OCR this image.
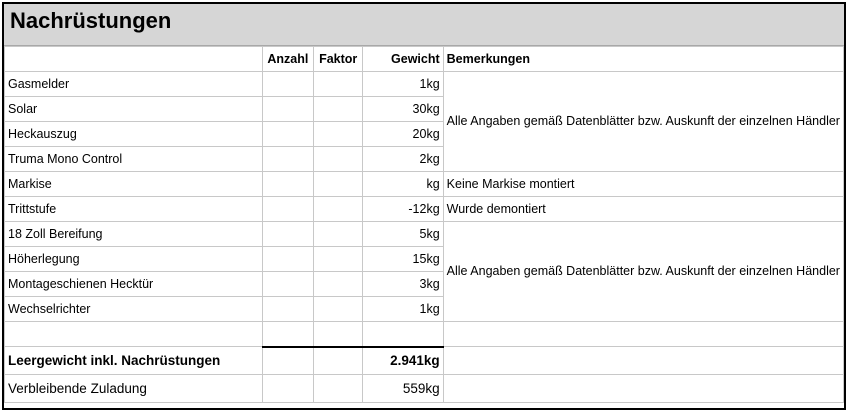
Nachrüstungen
	Anzahl	Faktor	Gewicht	Bemerkungen
Gasmelder			1kg	Alle Angaben gemäß Datenblätter bzw. Auskunft der einzelnen Händler
Solar			30kg	
Heckauszug			20kg	
Truma Mono Control			2kg	
Markise			kg	Keine Markise montiert
Trittstufe			-12kg	Wurde demontiert
18 Zoll Bereifung			5kg	Alle Angaben gemäß Datenblätter bzw. Auskunft der einzelnen Händler
Höherlegung			15kg	
Montageschienen Hecktür			3kg	
Wechselrichter			1kg	

Leergewicht inkl. Nachrüstungen			2.941kg	
Verbleibende Zuladung			559kg	
